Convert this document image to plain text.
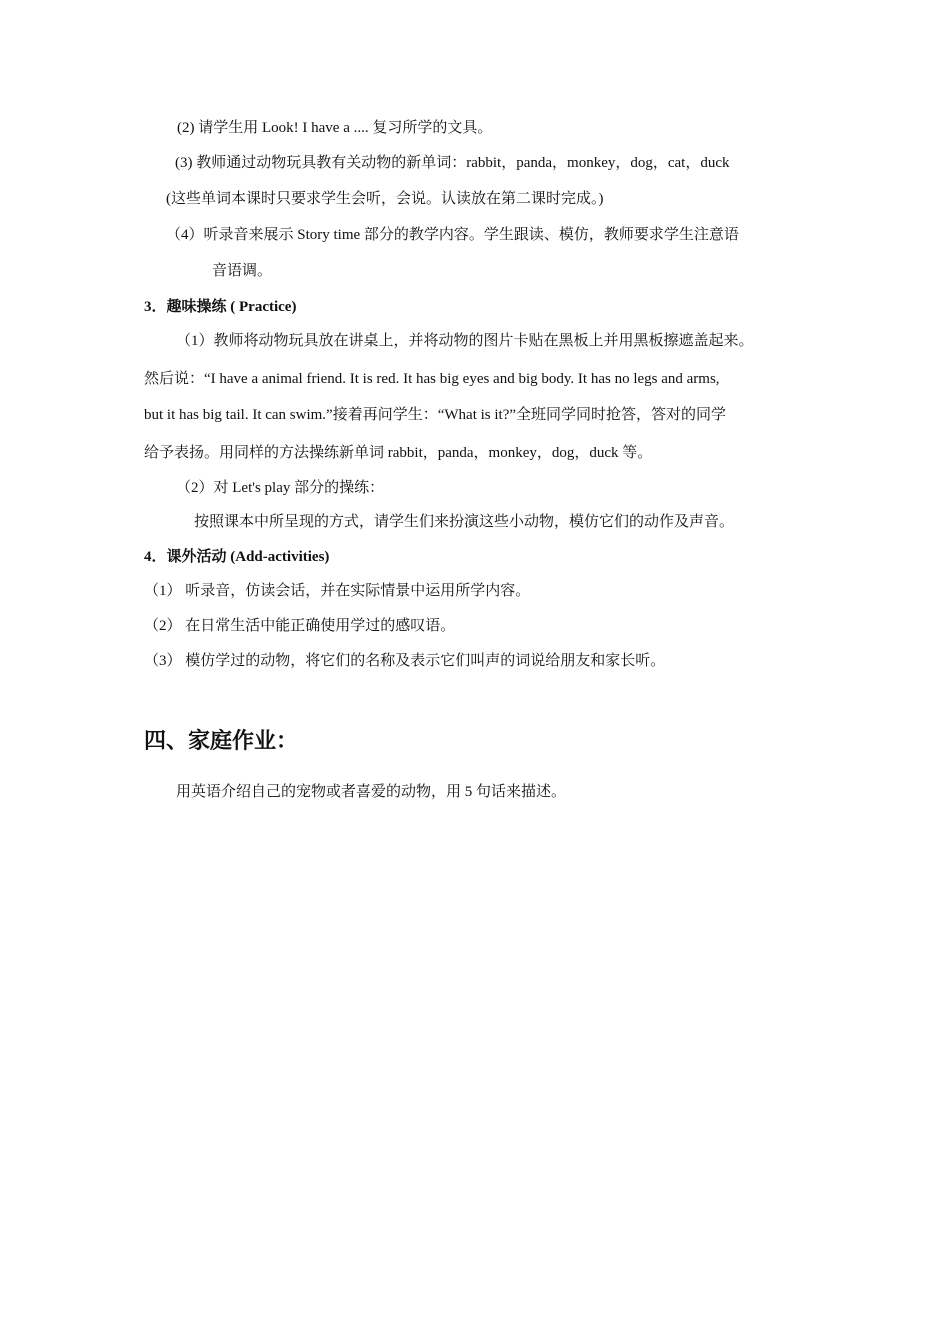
(2) 请学生用 Look! I have a .... 复习所学的文具。
(3) 教师通过动物玩具教有关动物的新单词：rabbit，panda，monkey，dog，cat，duck
(这些单词本课时只要求学生会听，会说。认读放在第二课时完成。)
（4）听录音来展示 Story time 部分的教学内容。学生跟读、模仿，教师要求学生注意语
音语调。
3．趣味操练 ( Practice)
（1）教师将动物玩具放在讲桌上，并将动物的图片卡贴在黑板上并用黑板擦遮盖起来。
然后说：“I have a animal friend. It is red. It has big eyes and big body. It has no legs and arms,
but it has big tail. It can swim.”接着再问学生：“What is it?”全班同学同时抢答，答对的同学
给予表扬。用同样的方法操练新单词 rabbit，panda，monkey，dog，duck 等。
（2）对 Let's play 部分的操练：
按照课本中所呈现的方式，请学生们来扮演这些小动物，模仿它们的动作及声音。
4．课外活动 (Add-activities)
（1） 听录音，仿读会话，并在实际情景中运用所学内容。
（2） 在日常生活中能正确使用学过的感叹语。
（3） 模仿学过的动物，将它们的名称及表示它们叫声的词说给朋友和家长听。
四、家庭作业：
用英语介绍自己的宠物或者喜爱的动物，用 5 句话来描述。
